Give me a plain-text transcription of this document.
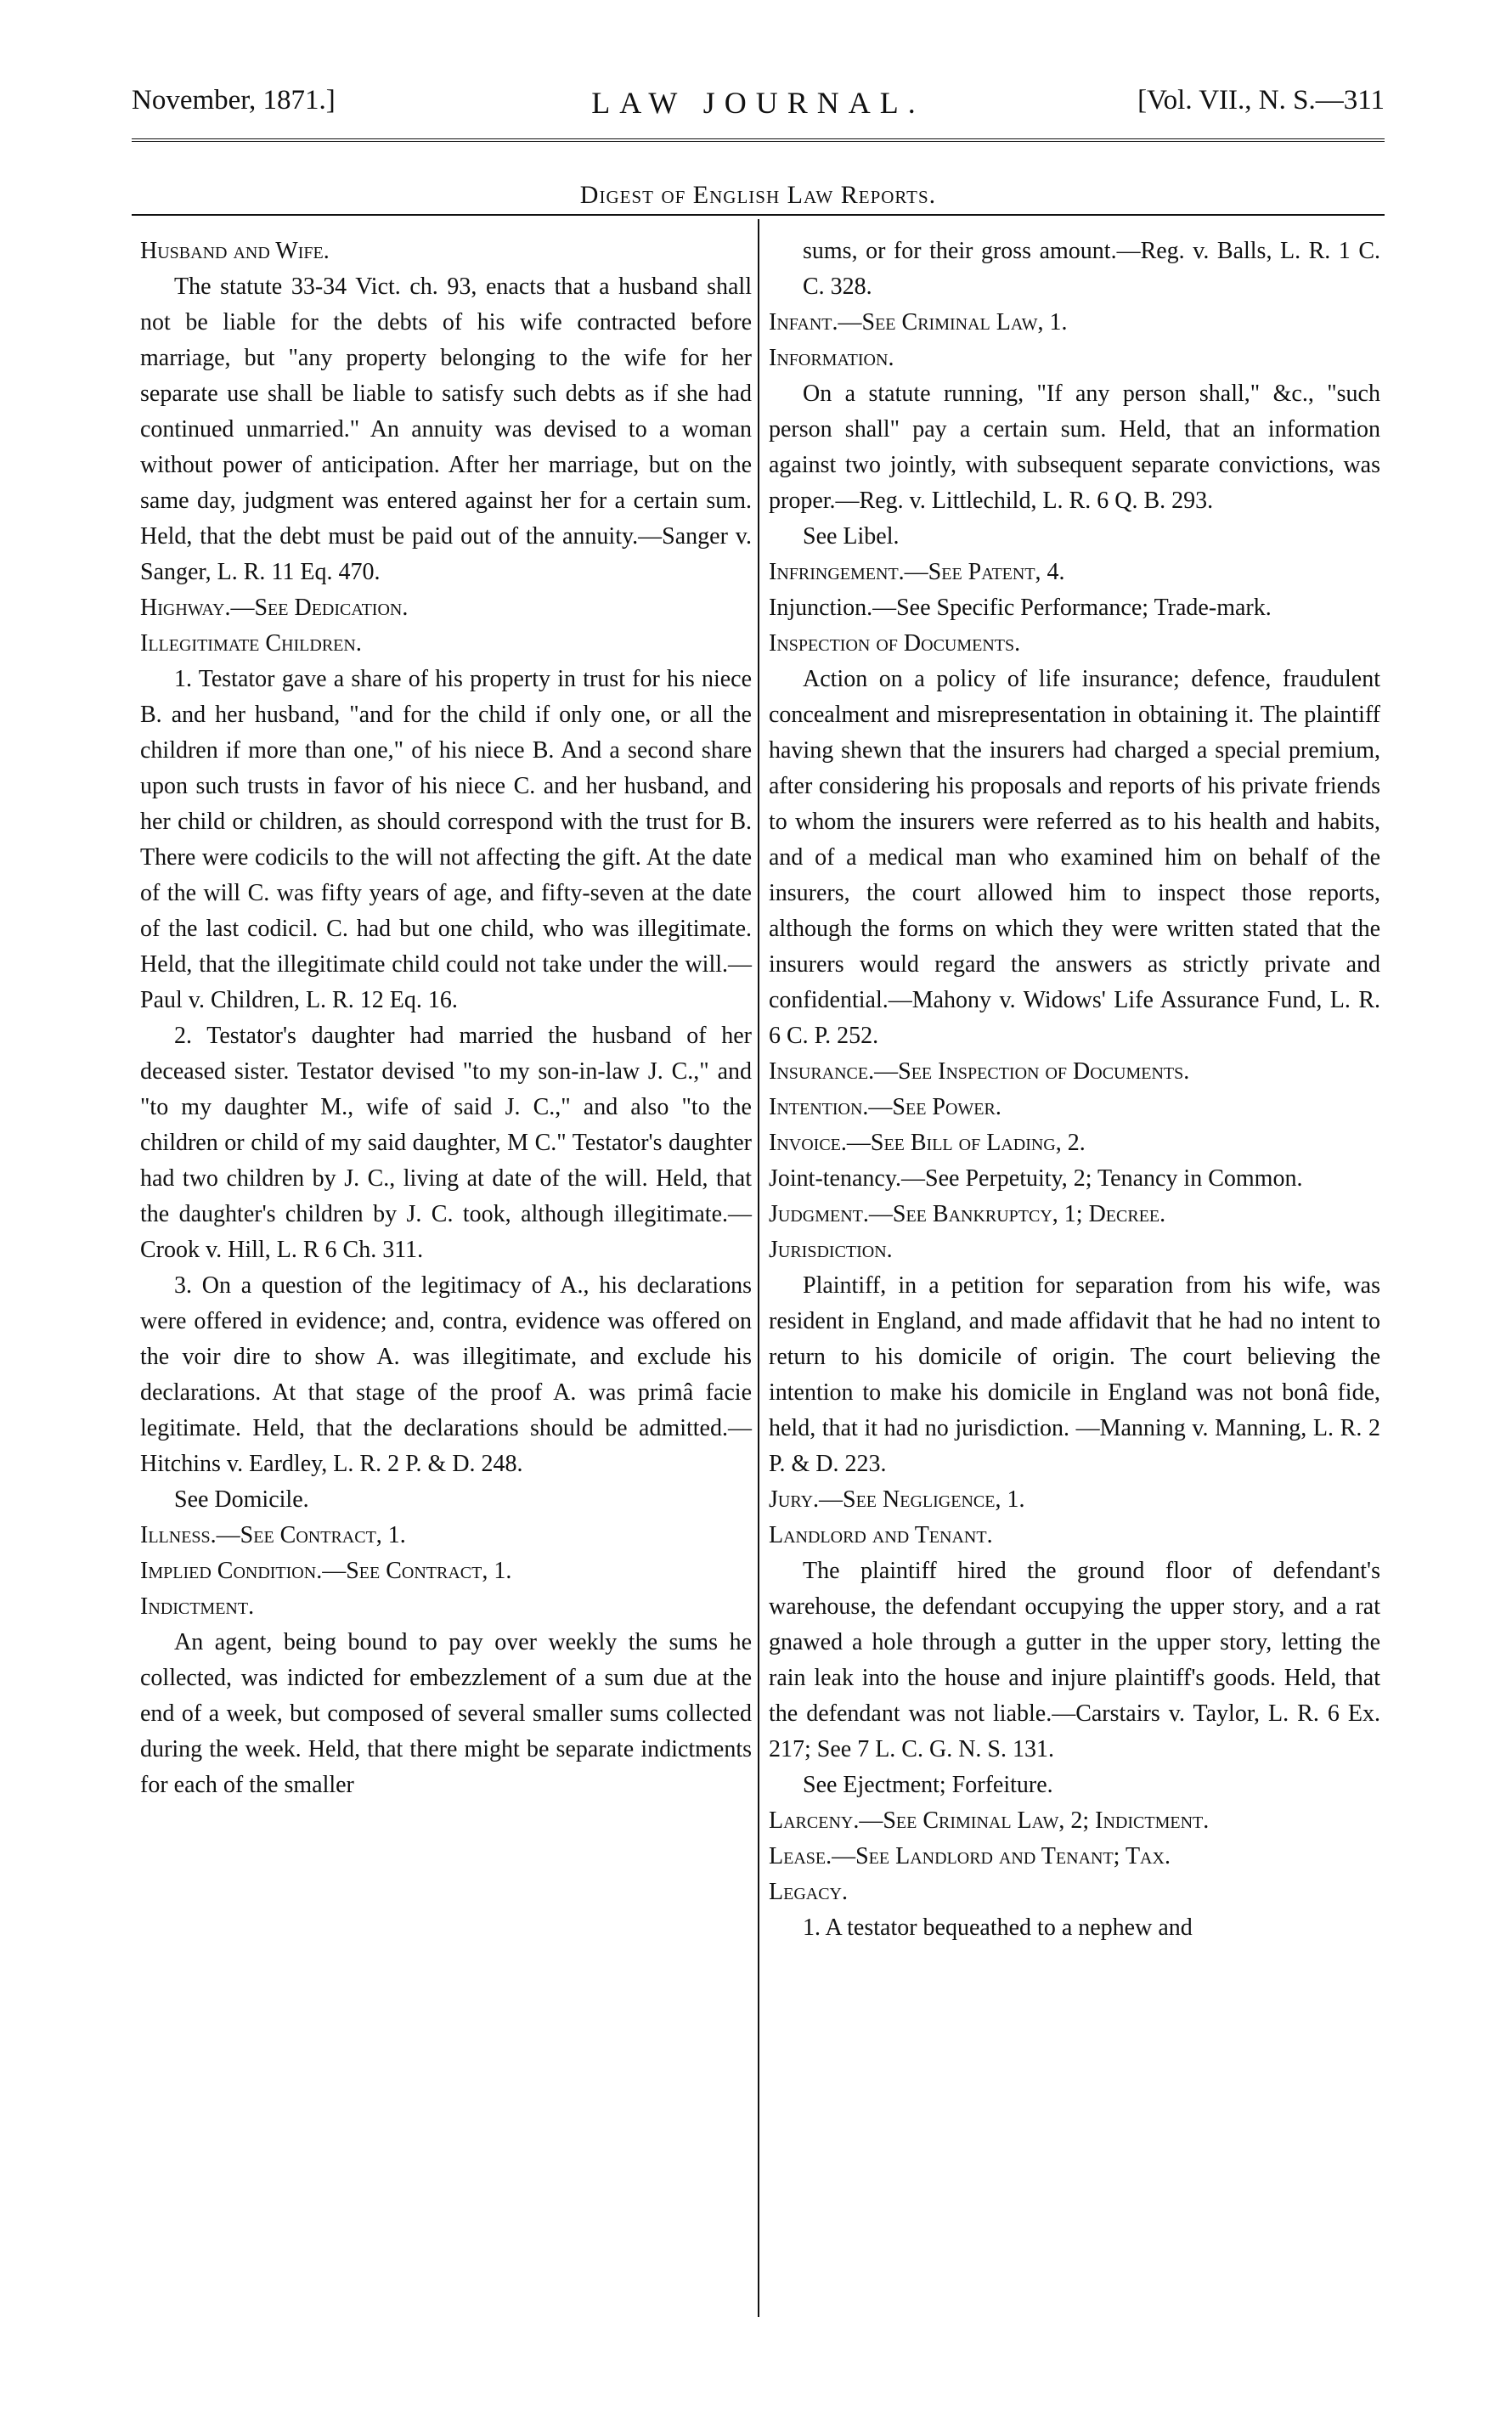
November, 1871.]	LAW JOURNAL.	[Vol. VII., N. S.—311
Digest of English Law Reports.

Husband and Wife.

The statute 33-34 Vict. ch. 93, enacts that a husband shall not be liable for the debts of his wife contracted before marriage, but "any property belonging to the wife for her separate use shall be liable to satisfy such debts as if she had continued unmarried." An annuity was devised to a woman without power of anticipation. After her marriage, but on the same day, judgment was entered against her for a certain sum. Held, that the debt must be paid out of the annuity.—Sanger v. Sanger, L. R. 11 Eq. 470.

Highway.—See Dedication.

Illegitimate Children.

1. Testator gave a share of his property in trust for his niece B. and her husband, "and for the child if only one, or all the children if more than one," of his niece B. And a second share upon such trusts in favor of his niece C. and her husband, and her child or children, as should correspond with the trust for B. There were codicils to the will not affecting the gift. At the date of the will C. was fifty years of age, and fifty-seven at the date of the last codicil. C. had but one child, who was illegitimate. Held, that the illegitimate child could not take under the will.—Paul v. Children, L. R. 12 Eq. 16.

2. Testator's daughter had married the husband of her deceased sister. Testator devised "to my son-in-law J. C.," and "to my daughter M., wife of said J. C.," and also "to the children or child of my said daughter, M C." Testator's daughter had two children by J. C., living at date of the will. Held, that the daughter's children by J. C. took, although illegitimate.—Crook v. Hill, L. R 6 Ch. 311.

3. On a question of the legitimacy of A., his declarations were offered in evidence; and, contra, evidence was offered on the voir dire to show A. was illegitimate, and exclude his declarations. At that stage of the proof A. was primâ facie legitimate. Held, that the declarations should be admitted.—Hitchins v. Eardley, L. R. 2 P. & D. 248.

See Domicile.

Illness.—See Contract, 1.

Implied Condition.—See Contract, 1.

Indictment.

An agent, being bound to pay over weekly the sums he collected, was indicted for embezzlement of a sum due at the end of a week, but composed of several smaller sums collected during the week. Held, that there might be separate indictments for each of the smaller

sums, or for their gross amount.—Reg. v. Balls, L. R. 1 C. C. 328.

Infant.—See Criminal Law, 1.

Information.

On a statute running, "If any person shall," &c., "such person shall" pay a certain sum. Held, that an information against two jointly, with subsequent separate convictions, was proper.—Reg. v. Littlechild, L. R. 6 Q. B. 293.

See Libel.

Infringement.—See Patent, 4.

Injunction.—See Specific Performance; Trade-mark.

Inspection of Documents.

Action on a policy of life insurance; defence, fraudulent concealment and misrepresentation in obtaining it. The plaintiff having shewn that the insurers had charged a special premium, after considering his proposals and reports of his private friends to whom the insurers were referred as to his health and habits, and of a medical man who examined him on behalf of the insurers, the court allowed him to inspect those reports, although the forms on which they were written stated that the insurers would regard the answers as strictly private and confidential.—Mahony v. Widows' Life Assurance Fund, L. R. 6 C. P. 252.

Insurance.—See Inspection of Documents.

Intention.—See Power.

Invoice.—See Bill of Lading, 2.

Joint-tenancy.—See Perpetuity, 2; Tenancy in Common.

Judgment.—See Bankruptcy, 1; Decree.

Jurisdiction.

Plaintiff, in a petition for separation from his wife, was resident in England, and made affidavit that he had no intent to return to his domicile of origin. The court believing the intention to make his domicile in England was not bonâ fide, held, that it had no jurisdiction. —Manning v. Manning, L. R. 2 P. & D. 223.

Jury.—See Negligence, 1.

Landlord and Tenant.

The plaintiff hired the ground floor of defendant's warehouse, the defendant occupying the upper story, and a rat gnawed a hole through a gutter in the upper story, letting the rain leak into the house and injure plaintiff's goods. Held, that the defendant was not liable.—Carstairs v. Taylor, L. R. 6 Ex. 217; See 7 L. C. G. N. S. 131.

See Ejectment; Forfeiture.

Larceny.—See Criminal Law, 2; Indictment.

Lease.—See Landlord and Tenant; Tax.

Legacy.

1. A testator bequeathed to a nephew and
